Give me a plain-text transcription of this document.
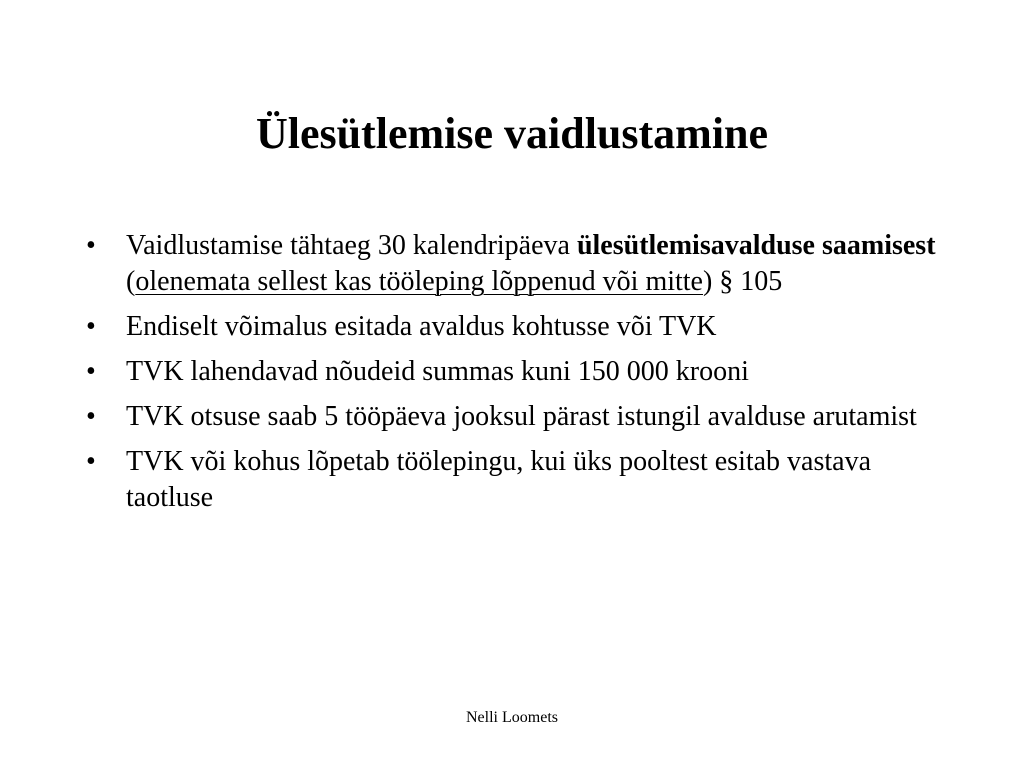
Ülesütlemise vaidlustamine
•	Vaidlustamise tähtaeg 30 kalendripäeva ülesütlemisavalduse saamisest (olenemata sellest kas tööleping lõppenud või mitte) § 105
•	Endiselt võimalus esitada avaldus kohtusse või TVK
•	TVK lahendavad nõudeid summas kuni 150 000 krooni
•	TVK otsuse saab 5 tööpäeva jooksul pärast istungil avalduse arutamist
•	TVK või kohus lõpetab töölepingu, kui üks pooltest esitab vastava taotluse
Nelli Loomets
